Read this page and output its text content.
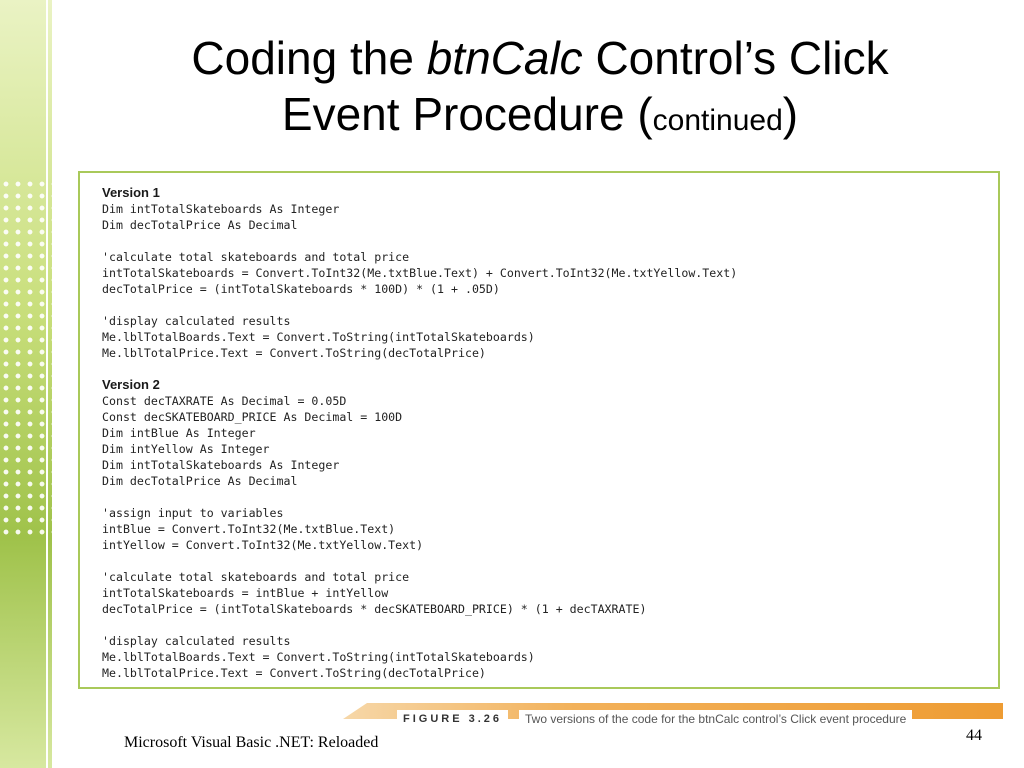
Coding the btnCalc Control’s Click
Event Procedure (continued)
Version 1
Dim intTotalSkateboards As Integer
Dim decTotalPrice As Decimal
'calculate total skateboards and total price
intTotalSkateboards = Convert.ToInt32(Me.txtBlue.Text) + Convert.ToInt32(Me.txtYellow.Text)
decTotalPrice = (intTotalSkateboards * 100D) * (1 + .05D)
'display calculated results
Me.lblTotalBoards.Text = Convert.ToString(intTotalSkateboards)
Me.lblTotalPrice.Text = Convert.ToString(decTotalPrice)
Version 2
Const decTAXRATE As Decimal = 0.05D
Const decSKATEBOARD_PRICE As Decimal = 100D
Dim intBlue As Integer
Dim intYellow As Integer
Dim intTotalSkateboards As Integer
Dim decTotalPrice As Decimal
'assign input to variables
intBlue = Convert.ToInt32(Me.txtBlue.Text)
intYellow = Convert.ToInt32(Me.txtYellow.Text)
'calculate total skateboards and total price
intTotalSkateboards = intBlue + intYellow
decTotalPrice = (intTotalSkateboards * decSKATEBOARD_PRICE) * (1 + decTAXRATE)
'display calculated results
Me.lblTotalBoards.Text = Convert.ToString(intTotalSkateboards)
Me.lblTotalPrice.Text = Convert.ToString(decTotalPrice)
FIGURE 3.26	Two versions of the code for the btnCalc control’s Click event procedure
Microsoft Visual Basic .NET: Reloaded	44
